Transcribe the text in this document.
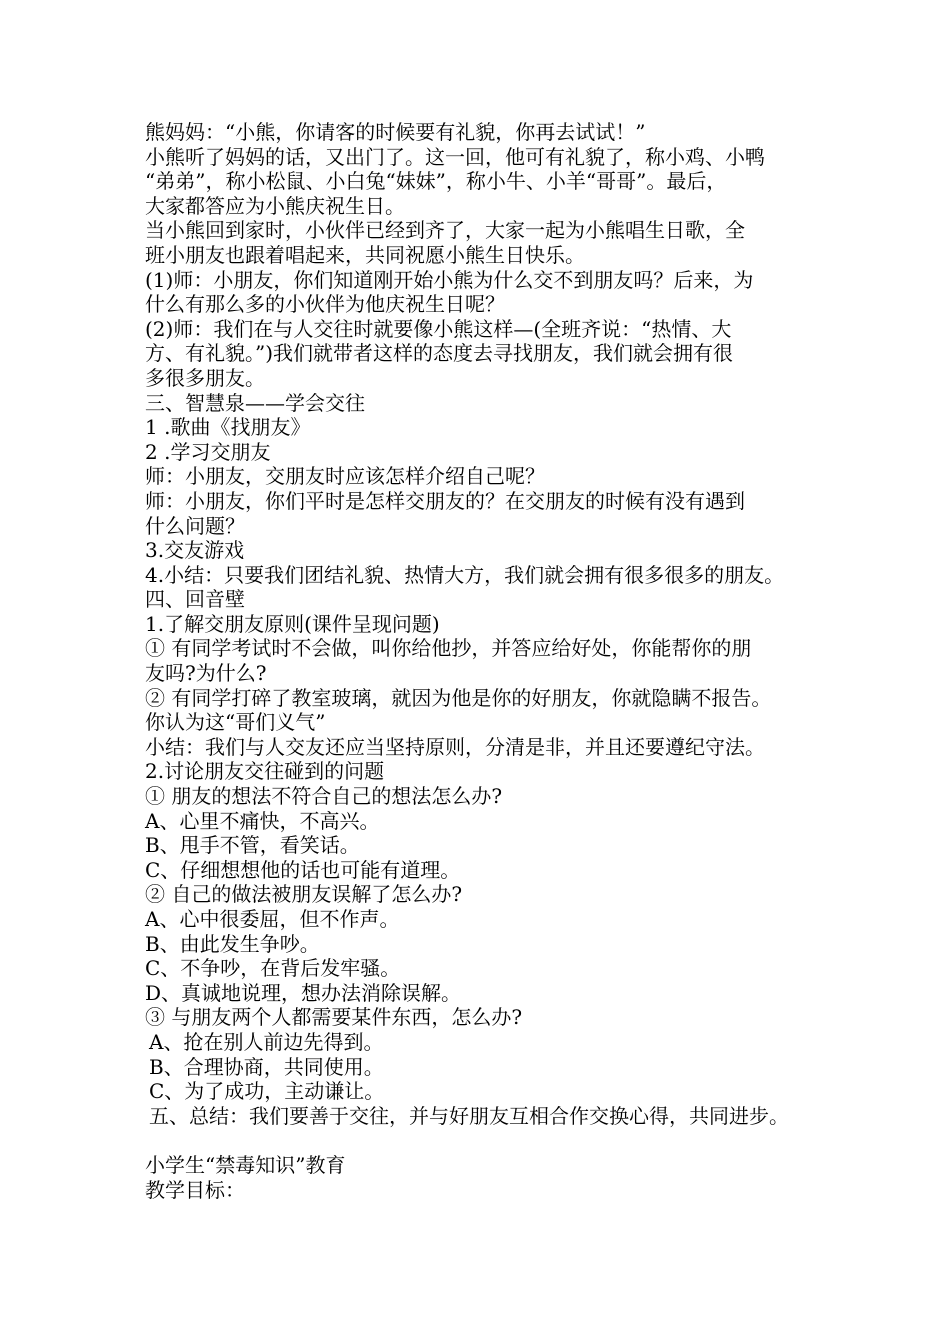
熊妈妈：“小熊，你请客的时候要有礼貌，你再去试试！”

小熊听了妈妈的话，又出门了。这一回，他可有礼貌了，称小鸡、小鸭

“弟弟”，称小松鼠、小白兔“妹妹”，称小牛、小羊“哥哥”。最后，

大家都答应为小熊庆祝生日。

当小熊回到家时，小伙伴已经到齐了，大家一起为小熊唱生日歌，全

班小朋友也跟着唱起来，共同祝愿小熊生日快乐。

(1)师：小朋友，你们知道刚开始小熊为什么交不到朋友吗？后来，为

什么有那么多的小伙伴为他庆祝生日呢？

(2)师：我们在与人交往时就要像小熊这样—(全班齐说：“热情、大

方、有礼貌。”)我们就带者这样的态度去寻找朋友，我们就会拥有很

多很多朋友。

三、智慧泉——学会交往

1 .歌曲《找朋友》

2 .学习交朋友

师：小朋友，交朋友时应该怎样介绍自己呢？

师：小朋友，你们平时是怎样交朋友的？在交朋友的时候有没有遇到

什么问题？

3.交友游戏

4.小结：只要我们团结礼貌、热情大方，我们就会拥有很多很多的朋友。

四、回音壁

1.了解交朋友原则(课件呈现问题)

① 有同学考试时不会做，叫你给他抄，并答应给好处，你能帮你的朋

友吗?为什么?

② 有同学打碎了教室玻璃，就因为他是你的好朋友，你就隐瞒不报告。

你认为这“哥们义气”

小结：我们与人交友还应当坚持原则，分清是非，并且还要遵纪守法。

2.讨论朋友交往碰到的问题

① 朋友的想法不符合自己的想法怎么办?

A、心里不痛快，不高兴。

B、甩手不管，看笑话。

C、仔细想想他的话也可能有道理。

② 自己的做法被朋友误解了怎么办?

A、心中很委屈，但不作声。

B、由此发生争吵。

C、不争吵，在背后发牢骚。

D、真诚地说理，想办法消除误解。

③ 与朋友两个人都需要某件东西，怎么办?

A、抢在别人前边先得到。

B、合理协商，共同使用。

C、为了成功，主动谦让。

五、总结：我们要善于交往，并与好朋友互相合作交换心得，共同进步。

小学生“禁毒知识”教育

教学目标：
